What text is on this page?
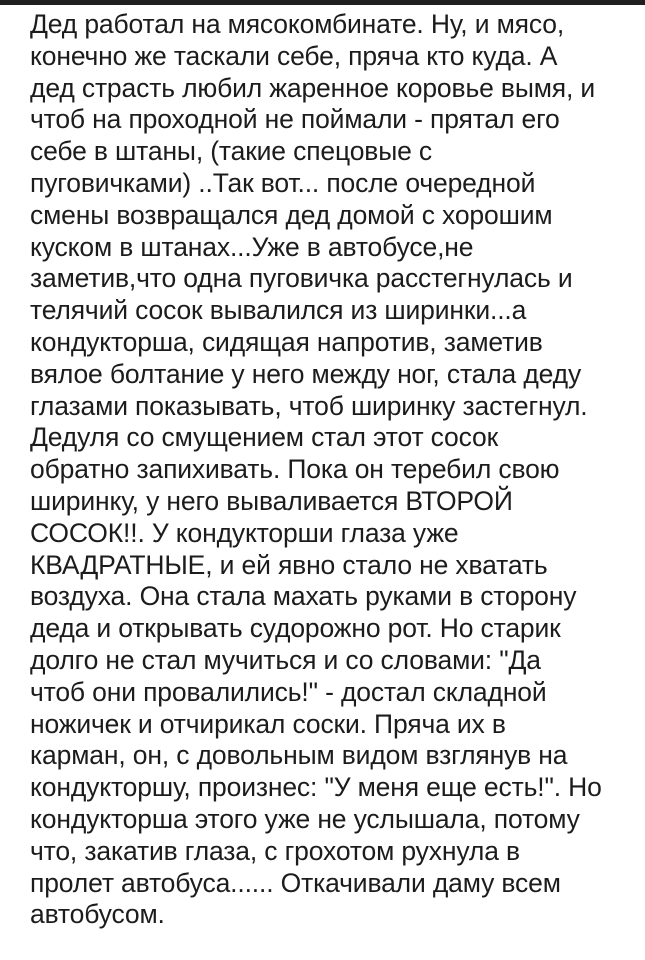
Дед работал на мясокомбинате. Ну, и мясо,
конечно же таскали себе, пряча кто куда. А
дед страсть любил жаренное коровье вымя, и
чтоб на проходной не поймали - прятал его
себе в штаны, (такие спецовые с
пуговичками) ..Так вот... после очередной
смены возвращался дед домой с хорошим
куском в штанах...Уже в автобусе,не
заметив,что одна пуговичка расстегнулась и
телячий сосок вывалился из ширинки...а
кондукторша, сидящая напротив, заметив
вялое болтание у него между ног, стала деду
глазами показывать, чтоб ширинку застегнул.
Дедуля со смущением стал этот сосок
обратно запихивать. Пока он теребил свою
ширинку, у него вываливается ВТОРОЙ
СОСОК!!. У кондукторши глаза уже
КВАДРАТНЫЕ, и ей явно стало не хватать
воздуха. Она стала махать руками в сторону
деда и открывать судорожно рот. Но старик
долго не стал мучиться и со словами: "Да
чтоб они провалились!" - достал складной
ножичек и отчирикал соски. Пряча их в
карман, он, с довольным видом взглянув на
кондукторшу, произнес: "У меня еще есть!". Но
кондукторша этого уже не услышала, потому
что, закатив глаза, с грохотом рухнула в
пролет автобуса...... Откачивали даму всем
автобусом.
